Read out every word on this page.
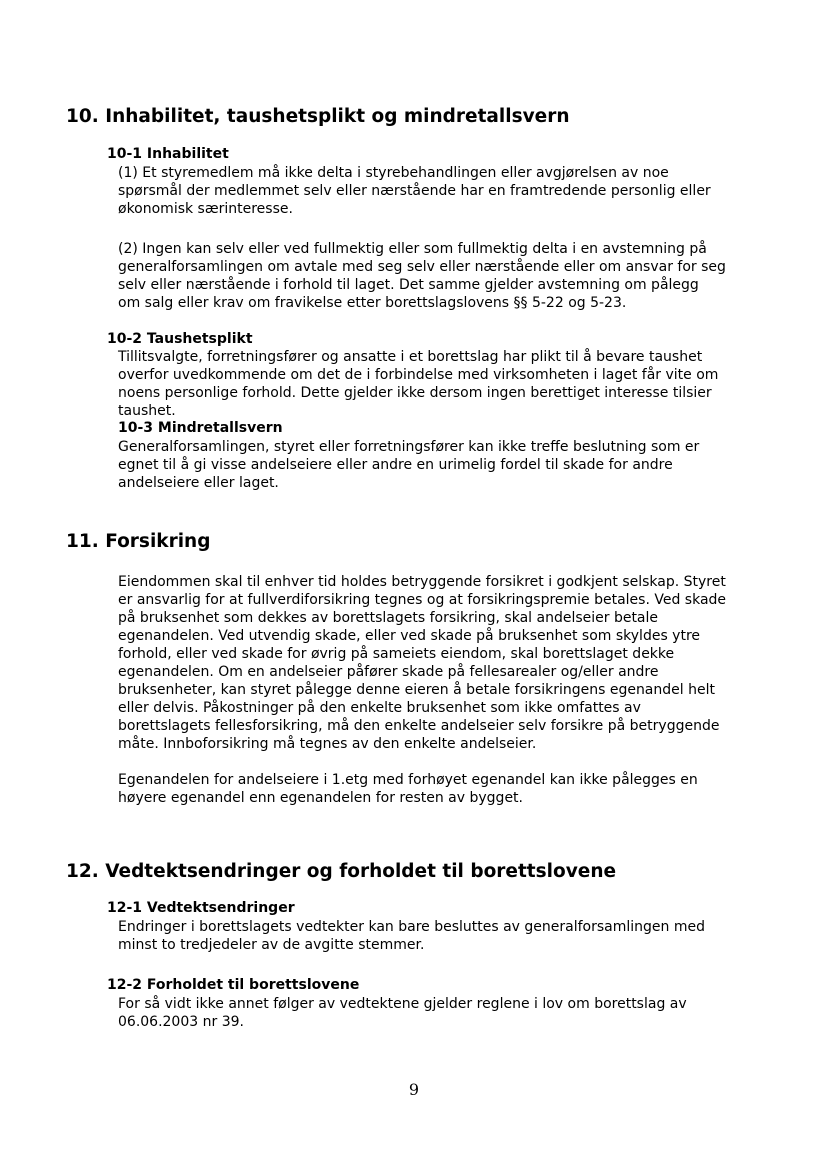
10. Inhabilitet, taushetsplikt og mindretallsvern
10-1 Inhabilitet
(1) Et styremedlem må ikke delta i styrebehandlingen eller avgjørelsen av noe
spørsmål der medlemmet selv eller nærstående har en framtredende personlig eller
økonomisk særinteresse.
(2) Ingen kan selv eller ved fullmektig eller som fullmektig delta i en avstemning på
generalforsamlingen om avtale med seg selv eller nærstående eller om ansvar for seg
selv eller nærstående i forhold til laget. Det samme gjelder avstemning om pålegg
om salg eller krav om fravikelse etter borettslagslovens §§ 5-22 og 5-23.
10-2 Taushetsplikt
Tillitsvalgte, forretningsfører og ansatte i et borettslag har plikt til å bevare taushet
overfor uvedkommende om det de i forbindelse med virksomheten i laget får vite om
noens personlige forhold. Dette gjelder ikke dersom ingen berettiget interesse tilsier
taushet.
10-3 Mindretallsvern
Generalforsamlingen, styret eller forretningsfører kan ikke treffe beslutning som er
egnet til å gi visse andelseiere eller andre en urimelig fordel til skade for andre
andelseiere eller laget.
11. Forsikring
Eiendommen skal til enhver tid holdes betryggende forsikret i godkjent selskap. Styret
er ansvarlig for at fullverdiforsikring tegnes og at forsikringspremie betales. Ved skade
på bruksenhet som dekkes av borettslagets forsikring, skal andelseier betale
egenandelen. Ved utvendig skade, eller ved skade på bruksenhet som skyldes ytre
forhold, eller ved skade for øvrig på sameiets eiendom, skal borettslaget dekke
egenandelen. Om en andelseier påfører skade på fellesarealer og/eller andre
bruksenheter, kan styret pålegge denne eieren å betale forsikringens egenandel helt
eller delvis. Påkostninger på den enkelte bruksenhet som ikke omfattes av
borettslagets fellesforsikring, må den enkelte andelseier selv forsikre på betryggende
måte. Innboforsikring må tegnes av den enkelte andelseier.
Egenandelen for andelseiere i 1.etg med forhøyet egenandel kan ikke pålegges en
høyere egenandel enn egenandelen for resten av bygget.
12. Vedtektsendringer og forholdet til borettslovene
12-1 Vedtektsendringer
Endringer i borettslagets vedtekter kan bare besluttes av generalforsamlingen med
minst to tredjedeler av de avgitte stemmer.
12-2 Forholdet til borettslovene
For så vidt ikke annet følger av vedtektene gjelder reglene i lov om borettslag av
06.06.2003 nr 39.
9
